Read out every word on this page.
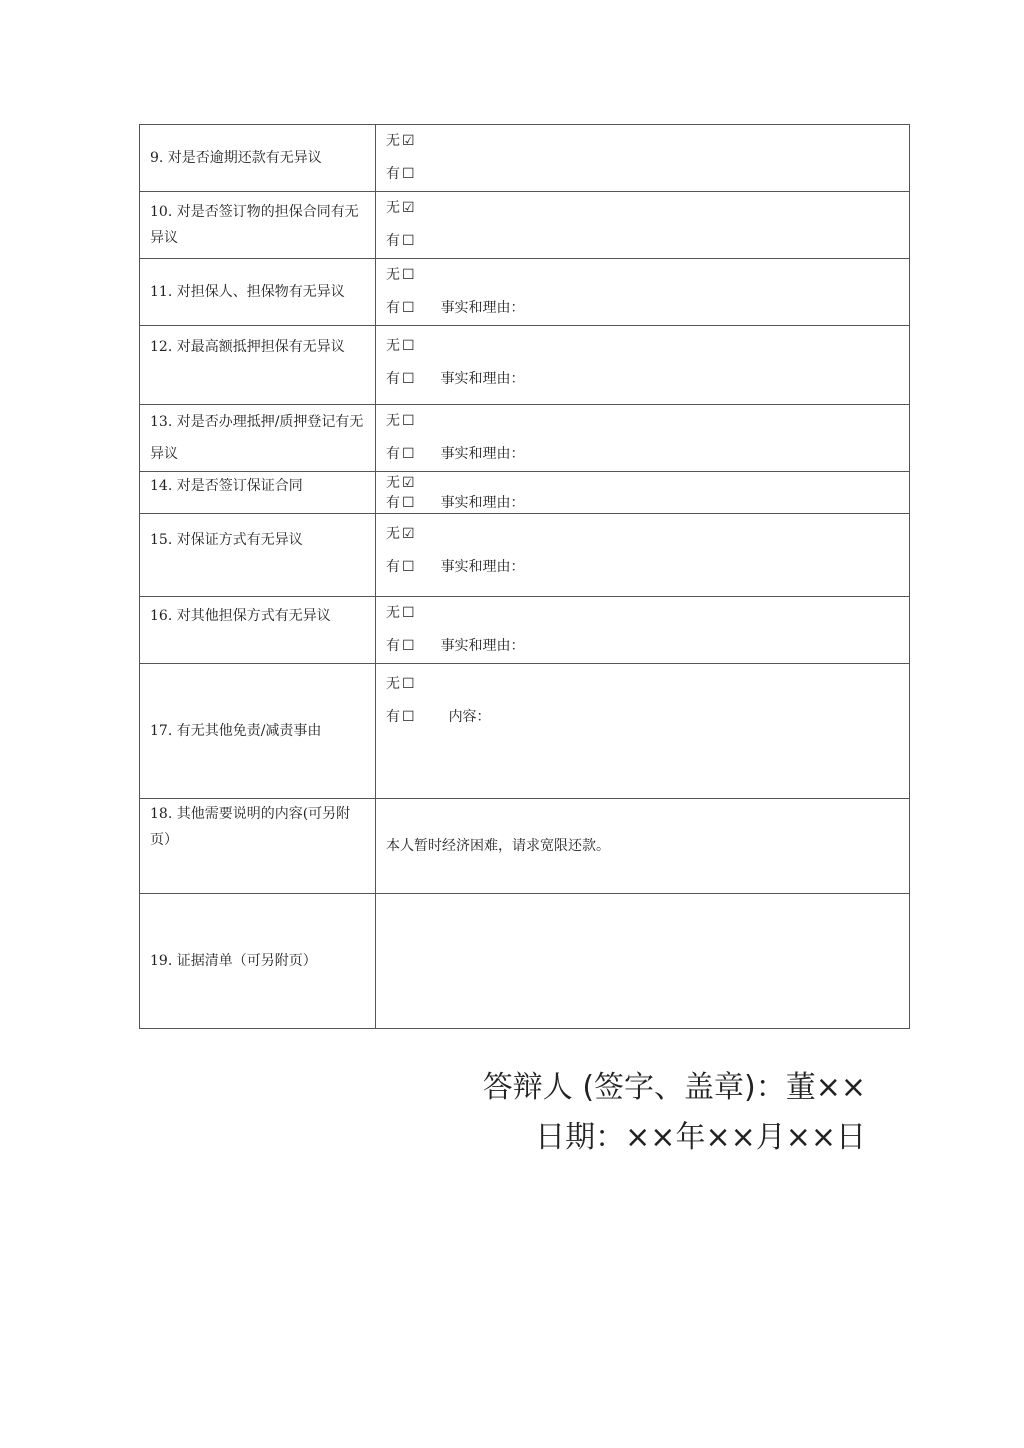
9. 对是否逾期还款有无异议	无 ☑
有 ☐

10. 对是否签订物的担保合同有无异议	无 ☑
有 ☐

11. 对担保人、担保物有无异议	无 ☐
有 ☐ 事实和理由：

12. 对最高额抵押担保有无异议	无 ☐
有 ☐ 事实和理由：

13. 对是否办理抵押/质押登记有无异议	无 ☐
有 ☐ 事实和理由：

14. 对是否签订保证合同	无 ☑
有 ☐ 事实和理由：

15. 对保证方式有无异议	无 ☑
有 ☐ 事实和理由：

16. 对其他担保方式有无异议	无 ☐
有 ☐ 事实和理由：

17. 有无其他免责/减责事由	无 ☐
有 ☐ 内容：

18. 其他需要说明的内容(可另附页）	本人暂时经济困难，请求宽限还款。

19. 证据清单（可另附页）	
答辩人 (签字、盖章)：董××
日期：××年××月××日
